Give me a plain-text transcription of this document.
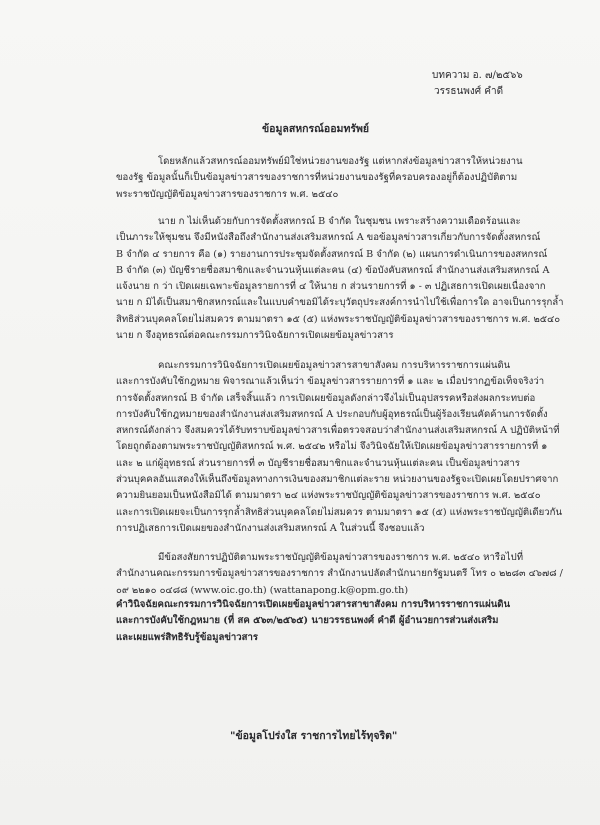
บทความ อ. ๗/๒๕๖๖
วรรธนพงศ์ คำดี
ข้อมูลสหกรณ์ออมทรัพย์
โดยหลักแล้วสหกรณ์ออมทรัพย์มิใช่หน่วยงานของรัฐ แต่หากส่งข้อมูลข่าวสารให้หน่วยงาน
ของรัฐ ข้อมูลนั้นก็เป็นข้อมูลข่าวสารของราชการที่หน่วยงานของรัฐที่ครอบครองอยู่ก็ต้องปฏิบัติตาม
พระราชบัญญัติข้อมูลข่าวสารของราชการ พ.ศ. ๒๕๔๐
นาย ก ไม่เห็นด้วยกับการจัดตั้งสหกรณ์ B จำกัด ในชุมชน เพราะสร้างความเดือดร้อนและ
เป็นภาระให้ชุมชน จึงมีหนังสือถึงสำนักงานส่งเสริมสหกรณ์ A ขอข้อมูลข่าวสารเกี่ยวกับการจัดตั้งสหกรณ์
B จำกัด ๔ รายการ คือ (๑) รายงานการประชุมจัดตั้งสหกรณ์ B จำกัด (๒) แผนการดำเนินการของสหกรณ์
B จำกัด (๓) บัญชีรายชื่อสมาชิกและจำนวนหุ้นแต่ละคน (๔) ข้อบังคับสหกรณ์ สำนักงานส่งเสริมสหกรณ์ A
แจ้งนาย ก ว่า เปิดเผยเฉพาะข้อมูลรายการที่ ๔ ให้นาย ก ส่วนรายการที่ ๑ - ๓ ปฏิเสธการเปิดเผยเนื่องจาก
นาย ก มิได้เป็นสมาชิกสหกรณ์และในแบบคำขอมิได้ระบุวัตถุประสงค์การนำไปใช้เพื่อการใด อาจเป็นการรุกล้ำ
สิทธิส่วนบุคคลโดยไม่สมควร ตามมาตรา ๑๕ (๕) แห่งพระราชบัญญัติข้อมูลข่าวสารของราชการ พ.ศ. ๒๕๔๐
นาย ก จึงอุทธรณ์ต่อคณะกรรมการวินิจฉัยการเปิดเผยข้อมูลข่าวสาร
คณะกรรมการวินิจฉัยการเปิดเผยข้อมูลข่าวสารสาขาสังคม การบริหารราชการแผ่นดิน
และการบังคับใช้กฎหมาย พิจารณาแล้วเห็นว่า ข้อมูลข่าวสารรายการที่ ๑ และ ๒ เมื่อปรากฏข้อเท็จจริงว่า
การจัดตั้งสหกรณ์ B จำกัด เสร็จสิ้นแล้ว การเปิดเผยข้อมูลดังกล่าวจึงไม่เป็นอุปสรรคหรือส่งผลกระทบต่อ
การบังคับใช้กฎหมายของสำนักงานส่งเสริมสหกรณ์ A ประกอบกับผู้อุทธรณ์เป็นผู้ร้องเรียนคัดค้านการจัดตั้ง
สหกรณ์ดังกล่าว จึงสมควรได้รับทราบข้อมูลข่าวสารเพื่อตรวจสอบว่าสำนักงานส่งเสริมสหกรณ์ A ปฏิบัติหน้าที่
โดยถูกต้องตามพระราชบัญญัติสหกรณ์ พ.ศ. ๒๕๔๒ หรือไม่ จึงวินิจฉัยให้เปิดเผยข้อมูลข่าวสารรายการที่ ๑
และ ๒ แก่ผู้อุทธรณ์ ส่วนรายการที่ ๓ บัญชีรายชื่อสมาชิกและจำนวนหุ้นแต่ละคน เป็นข้อมูลข่าวสาร
ส่วนบุคคลอันแสดงให้เห็นถึงข้อมูลทางการเงินของสมาชิกแต่ละราย หน่วยงานของรัฐจะเปิดเผยโดยปราศจาก
ความยินยอมเป็นหนังสือมิได้ ตามมาตรา ๒๔ แห่งพระราชบัญญัติข้อมูลข่าวสารของราชการ พ.ศ. ๒๕๔๐
และการเปิดเผยจะเป็นการรุกล้ำสิทธิส่วนบุคคลโดยไม่สมควร ตามมาตรา ๑๕ (๕) แห่งพระราชบัญญัติเดียวกัน
การปฏิเสธการเปิดเผยของสำนักงานส่งเสริมสหกรณ์ A ในส่วนนี้ จึงชอบแล้ว
มีข้อสงสัยการปฏิบัติตามพระราชบัญญัติข้อมูลข่าวสารของราชการ พ.ศ. ๒๕๔๐ หารือไปที่
สำนักงานคณะกรรมการข้อมูลข่าวสารของราชการ สำนักงานปลัดสำนักนายกรัฐมนตรี โทร ๐ ๒๒๘๓ ๔๖๗๘ /
๐๙ ๒๒๑๐ ๐๔๘๘ (www.oic.go.th) (wattanapong.k@opm.go.th)
คำวินิจฉัยคณะกรรมการวินิจฉัยการเปิดเผยข้อมูลข่าวสารสาขาสังคม การบริหารราชการแผ่นดิน
และการบังคับใช้กฎหมาย (ที่ สค ๕๖๓/๒๕๖๕) นายวรรธนพงศ์ คำดี ผู้อำนวยการส่วนส่งเสริม
และเผยแพร่สิทธิรับรู้ข้อมูลข่าวสาร
"ข้อมูลโปร่งใส ราชการไทยไร้ทุจริต"
